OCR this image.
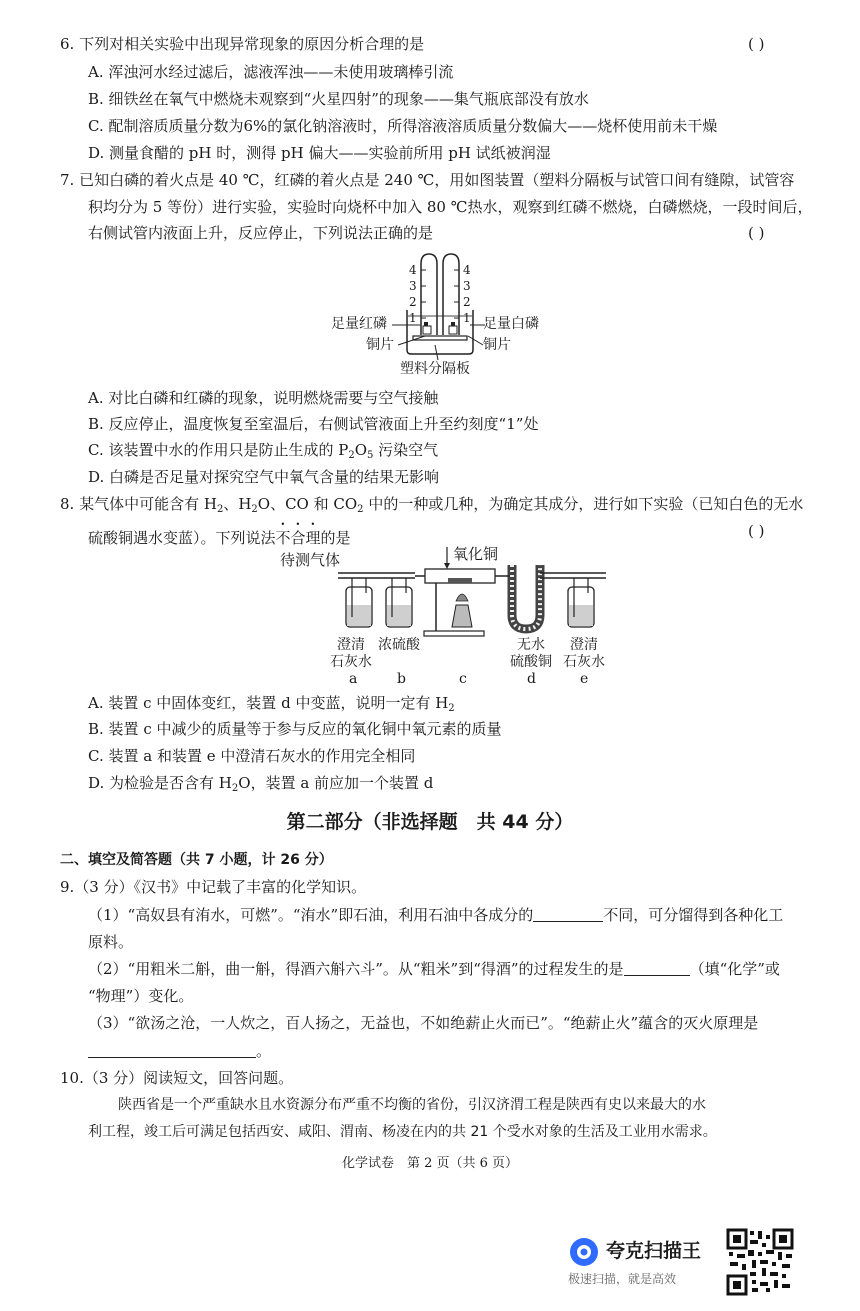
6. 下列对相关实验中出现异常现象的原因分析合理的是	( )
A. 浑浊河水经过滤后，滤液浑浊——未使用玻璃棒引流
B. 细铁丝在氧气中燃烧未观察到“火星四射”的现象——集气瓶底部没有放水
C. 配制溶质质量分数为6%的氯化钠溶液时，所得溶液溶质质量分数偏大——烧杯使用前未干燥
D. 测量食醋的 pH 时，测得 pH 偏大——实验前所用 pH 试纸被润湿
7. 已知白磷的着火点是 40 ℃，红磷的着火点是 240 ℃，用如图装置（塑料分隔板与试管口间有缝隙，试管容
积均分为 5 等份）进行实验，实验时向烧杯中加入 80 ℃热水，观察到红磷不燃烧，白磷燃烧，一段时间后，
右侧试管内液面上升，反应停止，下列说法正确的是	( )
4
3
2
1
4
3
2
1
足量红磷	足量白磷
铜片	铜片
塑料分隔板
A. 对比白磷和红磷的现象，说明燃烧需要与空气接触
B. 反应停止，温度恢复至室温后，右侧试管液面上升至约刻度“1”处
C. 该装置中水的作用只是防止生成的 $P_2O_5$ 污染空气
D. 白磷是否足量对探究空气中氧气含量的结果无影响
8. 某气体中可能含有 $H_2$、$H_2O$、CO 和 $CO_2$ 中的一种或几种，为确定其成分，进行如下实验（已知白色的无水
硫酸铜遇水变蓝）。下列说法不合理的是	( )
待测气体	氧化铜
澄清
石灰水
浓硫酸	无水
硫酸铜
澄清
石灰水
a	b	c	d	e
A. 装置 c 中固体变红，装置 d 中变蓝，说明一定有 $H_2$
B. 装置 c 中减少的质量等于参与反应的氧化铜中氧元素的质量
C. 装置 a 和装置 e 中澄清石灰水的作用完全相同
D. 为检验是否含有 $H_2O$，装置 a 前应加一个装置 d
第二部分（非选择题　共 44 分）
二、填空及简答题（共 7 小题，计 26 分）
9.（3 分）《汉书》中记载了丰富的化学知识。
（1）“高奴县有洧水，可燃”。“洧水”即石油，利用石油中各成分的	不同，可分馏得到各种化工
原料。
（2）“用粗米二斛，曲一斛，得酒六斛六斗”。从“粗米”到“得酒”的过程发生的是	（填“化学”或
“物理”）变化。
（3）“欲汤之沧，一人炊之，百人扬之，无益也，不如绝薪止火而已”。“绝薪止火”蕴含的灭火原理是
。
10.（3 分）阅读短文，回答问题。
陕西省是一个严重缺水且水资源分布严重不均衡的省份，引汉济渭工程是陕西有史以来最大的水
利工程，竣工后可满足包括西安、咸阳、渭南、杨凌在内的共 21 个受水对象的生活及工业用水需求。
化学试卷　第 2 页（共 6 页）
夸克扫描王
极速扫描，就是高效
